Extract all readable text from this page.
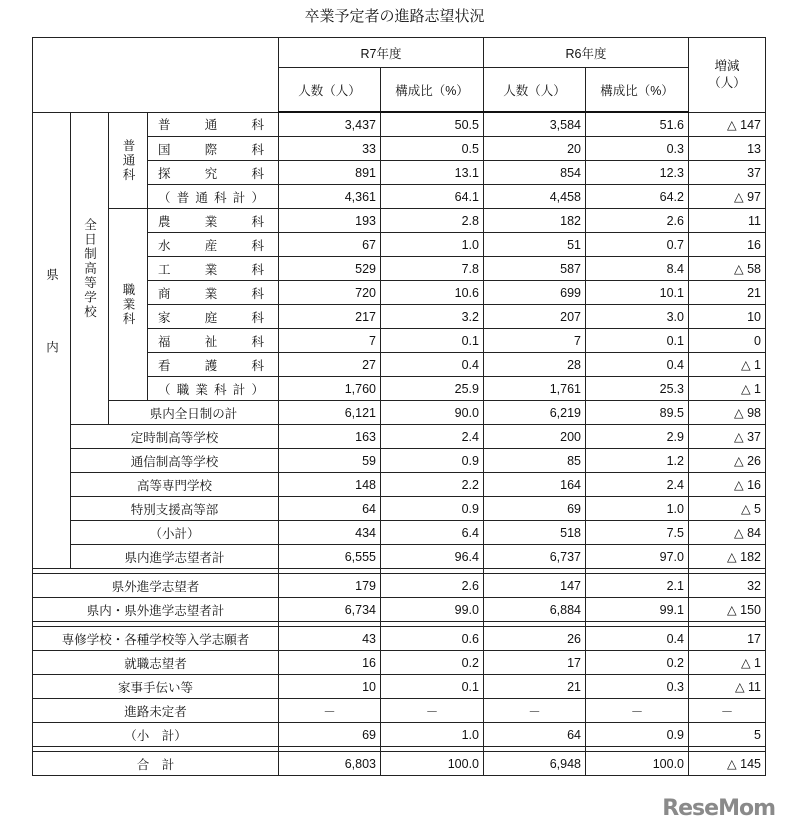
卒業予定者の進路志望状況
				R7年度		R6年度		増減
（人）
				人数（人）	構成比（%）	人数（人）	構成比（%）	
県内	全日制高等学校	普通科	普　通　科	3,437	50.5	3,584	51.6	△ 147
			国　際　科	33	0.5	20	0.3	13
			探　究　科	891	13.1	854	12.3	37
			（普通科計）	4,361	64.1	4,458	64.2	△ 97
		職業科	農　業　科	193	2.8	182	2.6	11
			水　産　科	67	1.0	51	0.7	16
			工　業　科	529	7.8	587	8.4	△ 58
			商　業　科	720	10.6	699	10.1	21
			家　庭　科	217	3.2	207	3.0	10
			福　祉　科	7	0.1	7	0.1	0
			看　護　科	27	0.4	28	0.4	△ 1
			（職業科計）	1,760	25.9	1,761	25.3	△ 1
		県内全日制の計		6,121	90.0	6,219	89.5	△ 98
	定時制高等学校			163	2.4	200	2.9	△ 37
	通信制高等学校			59	0.9	85	1.2	△ 26
	高等専門学校			148	2.2	164	2.4	△ 16
	特別支援高等部			64	0.9	69	1.0	△ 5
	（小計）			434	6.4	518	7.5	△ 84
	県内進学志望者計			6,555	96.4	6,737	97.0	△ 182

県外進学志望者				179	2.6	147	2.1	32
県内・県外進学志望者計				6,734	99.0	6,884	99.1	△ 150

専修学校・各種学校等入学志願者				43	0.6	26	0.4	17
就職志望者				16	0.2	17	0.2	△ 1
家事手伝い等				10	0.1	21	0.3	△ 11
進路未定者				－	－	－	－	－
（小　計）				69	1.0	64	0.9	5

合　計				6,803	100.0	6,948	100.0	△ 145
ReseMom
